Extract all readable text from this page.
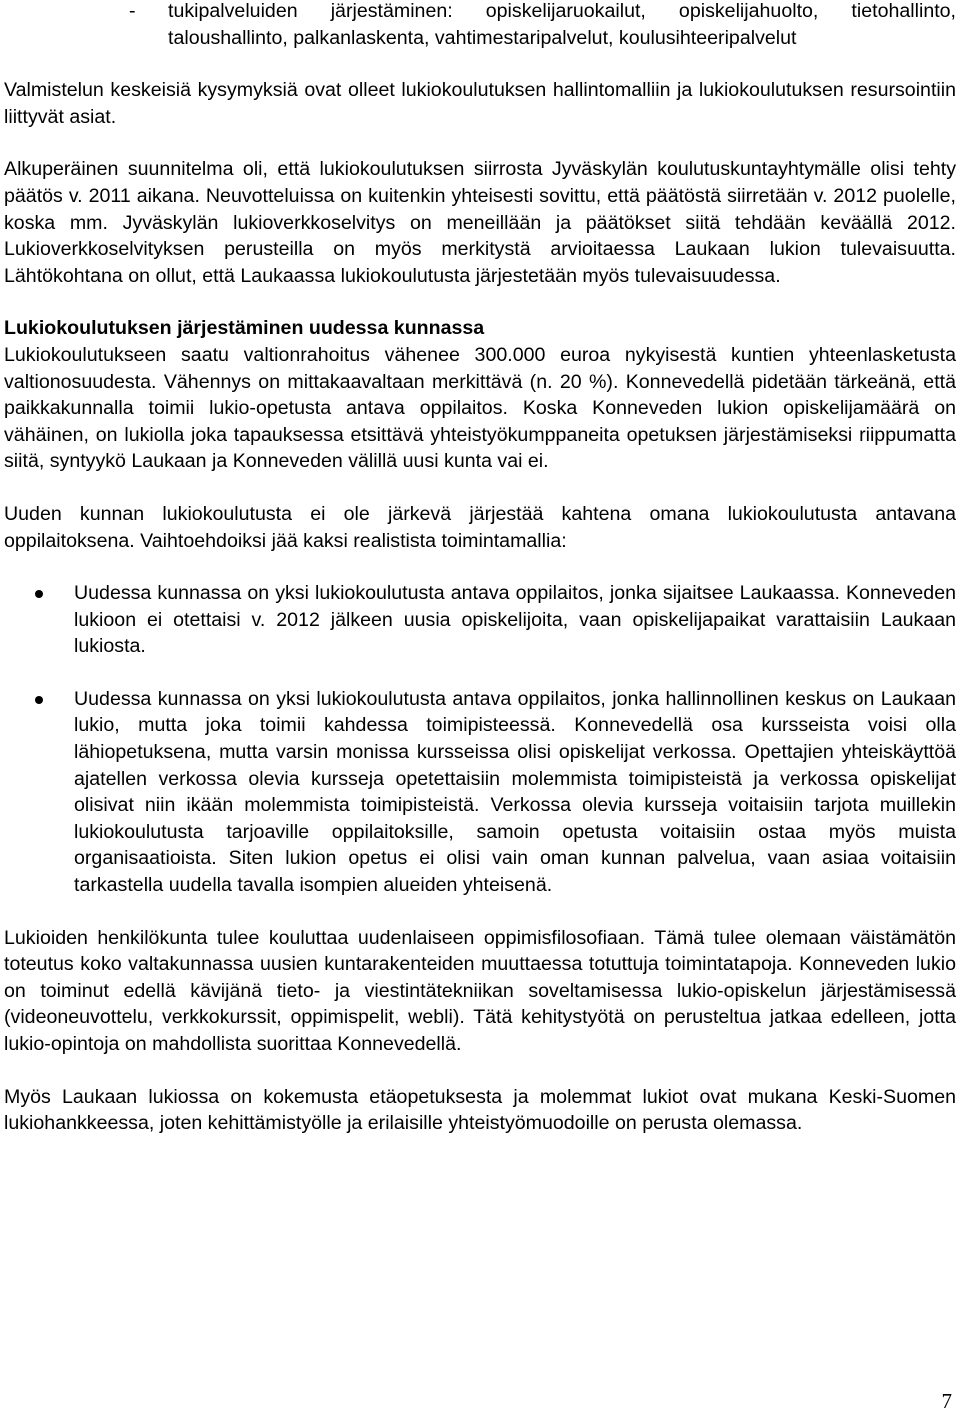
-	tukipalveluiden järjestäminen: opiskelijaruokailut, opiskelijahuolto, tietohallinto, taloushallinto, palkanlaskenta, vahtimestaripalvelut, koulusihteeripalvelut

Valmistelun keskeisiä kysymyksiä ovat olleet lukiokoulutuksen hallintomalliin ja lukiokoulutuksen resursointiin liittyvät asiat.

Alkuperäinen suunnitelma oli, että lukiokoulutuksen siirrosta Jyväskylän koulutuskuntayhtymälle olisi tehty päätös v. 2011 aikana. Neuvotteluissa on kuitenkin yhteisesti sovittu, että päätöstä siirretään v. 2012 puolelle, koska mm. Jyväskylän lukioverkkoselvitys on meneillään ja päätökset siitä tehdään keväällä 2012. Lukioverkkoselvityksen perusteilla on myös merkitystä arvioitaessa Laukaan lukion tulevaisuutta. Lähtökohtana on ollut, että Laukaassa lukiokoulutusta järjestetään myös tulevaisuudessa.

Lukiokoulutuksen järjestäminen uudessa kunnassa

Lukiokoulutukseen saatu valtionrahoitus vähenee 300.000 euroa nykyisestä kuntien yhteenlasketusta valtionosuudesta. Vähennys on mittakaavaltaan merkittävä (n. 20 %). Konnevedellä pidetään tärkeänä, että paikkakunnalla toimii lukio-opetusta antava oppilaitos. Koska Konneveden lukion opiskelijamäärä on vähäinen, on lukiolla joka tapauksessa etsittävä yhteistyökumppaneita opetuksen järjestämiseksi riippumatta siitä, syntyykö Laukaan ja Konneveden välillä uusi kunta vai ei.

Uuden kunnan lukiokoulutusta ei ole järkevä järjestää kahtena omana lukiokoulutusta antavana oppilaitoksena. Vaihtoehdoiksi jää kaksi realistista toimintamallia:

Uudessa kunnassa on yksi lukiokoulutusta antava oppilaitos, jonka sijaitsee Laukaassa. Konneveden lukioon ei otettaisi v. 2012 jälkeen uusia opiskelijoita, vaan opiskelijapaikat varattaisiin Laukaan lukiosta.
Uudessa kunnassa on yksi lukiokoulutusta antava oppilaitos, jonka hallinnollinen keskus on Laukaan lukio, mutta joka toimii kahdessa toimipisteessä. Konnevedellä osa kursseista voisi olla lähiopetuksena, mutta varsin monissa kursseissa olisi opiskelijat verkossa. Opettajien yhteiskäyttöä ajatellen verkossa olevia kursseja opetettaisiin molemmista toimipisteistä ja verkossa opiskelijat olisivat niin ikään molemmista toimipisteistä. Verkossa olevia kursseja voitaisiin tarjota muillekin lukiokoulutusta tarjoaville oppilaitoksille, samoin opetusta voitaisiin ostaa myös muista organisaatioista. Siten lukion opetus ei olisi vain oman kunnan palvelua, vaan asiaa voitaisiin tarkastella uudella tavalla isompien alueiden yhteisenä.

Lukioiden henkilökunta tulee kouluttaa uudenlaiseen oppimisfilosofiaan. Tämä tulee olemaan väistämätön toteutus koko valtakunnassa uusien kuntarakenteiden muuttaessa totuttuja toimintatapoja. Konneveden lukio on toiminut edellä kävijänä tieto- ja viestintätekniikan soveltamisessa lukio-opiskelun järjestämisessä (videoneuvottelu, verkkokurssit, oppimispelit, webli). Tätä kehitystyötä on perusteltua jatkaa edelleen, jotta lukio-opintoja on mahdollista suorittaa Konnevedellä.

Myös Laukaan lukiossa on kokemusta etäopetuksesta ja molemmat lukiot ovat mukana Keski-Suomen lukiohankkeessa, joten kehittämistyölle ja erilaisille yhteistyömuodoille on perusta olemassa.

7
